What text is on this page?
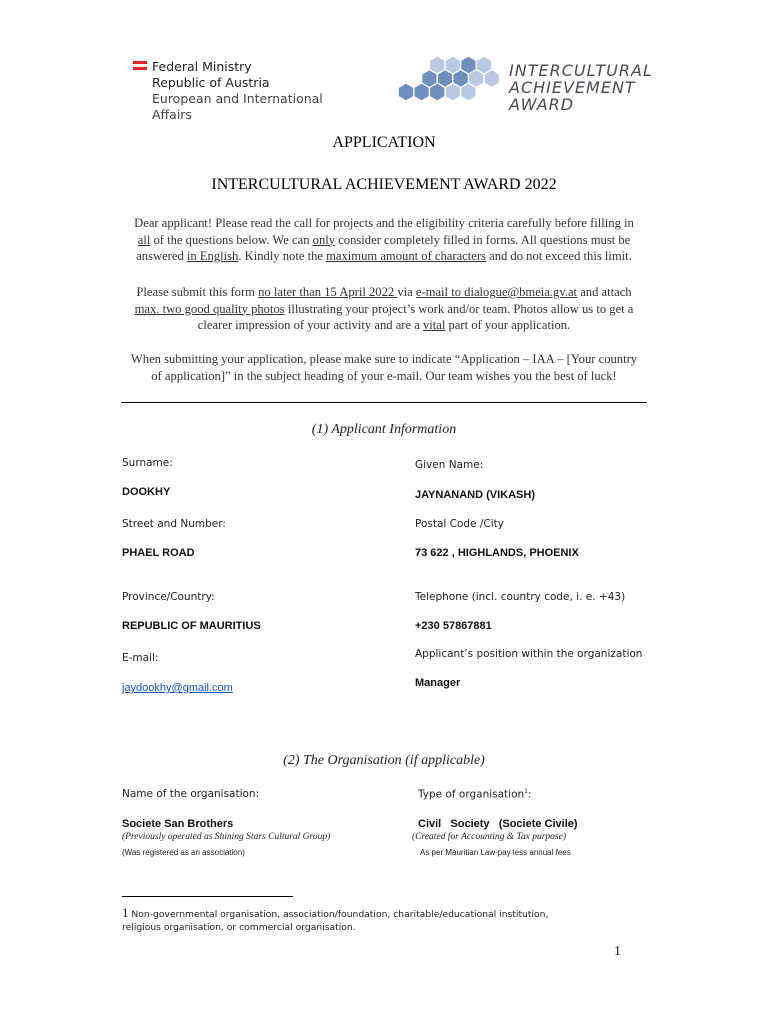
Federal Ministry
Republic of Austria
European and International
Affairs
INTERCULTURAL
ACHIEVEMENT
AWARD
APPLICATION
INTERCULTURAL ACHIEVEMENT AWARD 2022
Dear applicant! Please read the call for projects and the eligibility criteria carefully before filling in all of the questions below. We can only consider completely filled in forms. All questions must be answered in English. Kindly note the maximum amount of characters and do not exceed this limit.
Please submit this form no later than 15 April 2022 via e-mail to dialogue@bmeia.gv.at and attach max. two good quality photos illustrating your project’s work and/or team. Photos allow us to get a clearer impression of your activity and are a vital part of your application.
When submitting your application, please make sure to indicate “Application – IAA – [Your country of application]” in the subject heading of your e-mail. Our team wishes you the best of luck!
(1) Applicant Information
Surname:
DOOKHY
Given Name:
JAYNANAND (VIKASH)
Street and Number:
PHAEL ROAD
Postal Code /City
73 622 , HIGHLANDS, PHOENIX
Province/Country:
REPUBLIC OF MAURITIUS
Telephone (incl. country code, i. e. +43)
+230 57867881
E-mail:
jaydookhy@gmail.com
Applicant’s position within the organization
Manager
(2) The Organisation (if applicable)
Name of the organisation:
Societe San Brothers
(Previously operated as Shining Stars Cultural Group)
(Was registered as an association)
Type of organisation$^1$:
Civil   Society   (Societe Civile)
(Created for Accounting & Tax purpose)
As per Mauritian Law-pay less annual fees
1 Non-governmental organisation, association/foundation, charitable/educational institution, religious organisation, or commercial organisation.
1
